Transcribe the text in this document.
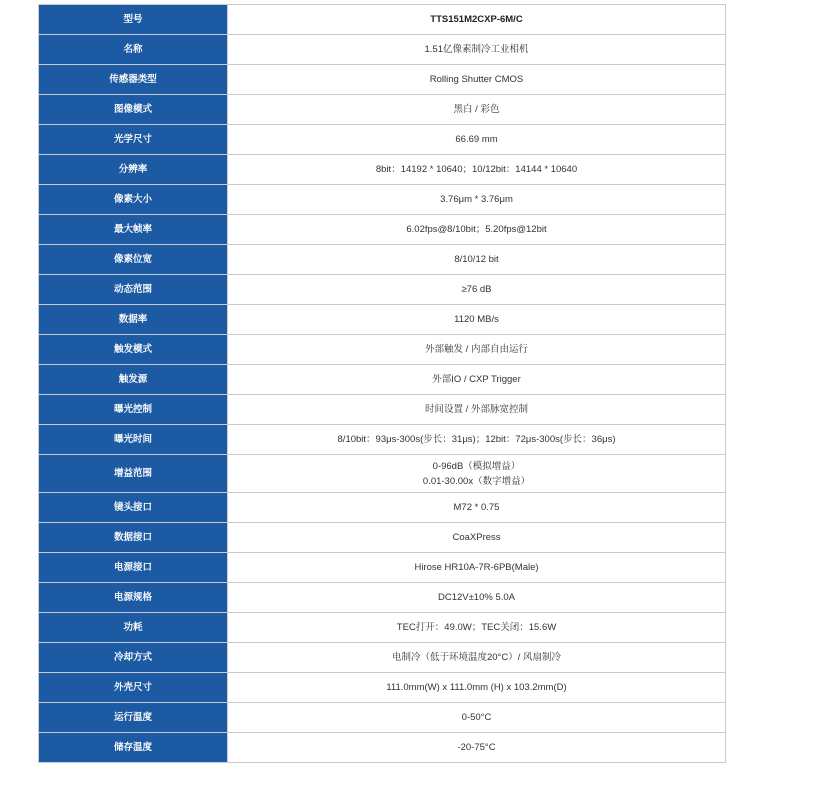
型号	TTS151M2CXP-6M/C
名称	1.51亿像素制冷工业相机
传感器类型	Rolling Shutter CMOS
图像模式	黑白 / 彩色
光学尺寸	66.69 mm
分辨率	8bit：14192 * 10640；10/12bit：14144 * 10640
像素大小	3.76μm * 3.76μm
最大帧率	6.02fps@8/10bit；5.20fps@12bit
像素位宽	8/10/12 bit
动态范围	≥76 dB
数据率	1120 MB/s
触发模式	外部触发 / 内部自由运行
触发源	外部IO / CXP Trigger
曝光控制	时间设置 / 外部脉宽控制
曝光时间	8/10bit：93μs-300s(步长：31μs)；12bit：72μs-300s(步长：36μs)
增益范围	0-96dB（模拟增益）
0.01-30.00x（数字增益）

镜头接口	M72 * 0.75
数据接口	CoaXPress
电源接口	Hirose HR10A-7R-6PB(Male)
电源规格	DC12V±10% 5.0A
功耗	TEC打开：49.0W；TEC关闭：15.6W
冷却方式	电制冷（低于环境温度20°C）/ 风扇制冷
外壳尺寸	111.0mm(W) x 111.0mm (H) x 103.2mm(D)
运行温度	0-50°C
储存温度	-20-75°C
